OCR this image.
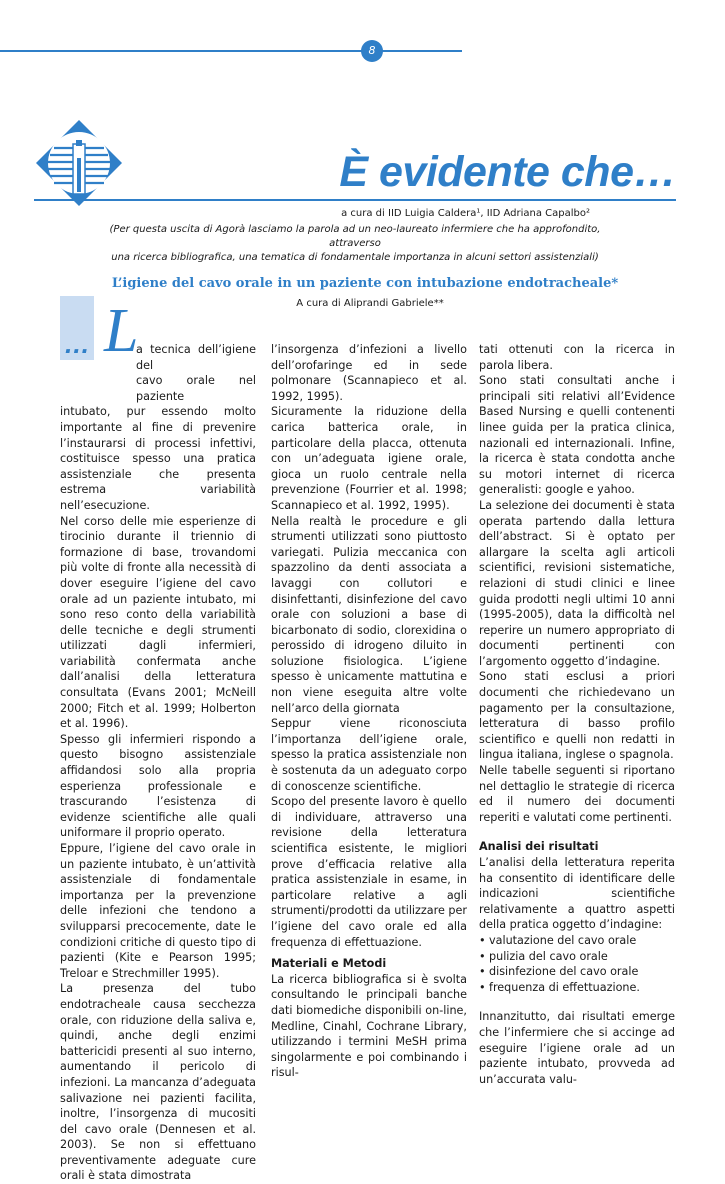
8
È evidente che…
a cura di IID Luigia Caldera¹, IID Adriana Capalbo²
(Per questa uscita di Agorà lasciamo la parola ad un neo-laureato infermiere che ha approfondito, attraverso
una ricerca bibliografica, una tematica di fondamentale importanza in alcuni settori assistenziali)
L’igiene del cavo orale in un paziente con intubazione endotracheale*
A cura di Aliprandi Gabriele**
… L

a tecnica dell’igiene del

cavo orale nel paziente

intubato, pur essendo molto importante al fine di prevenire l’instaurarsi di processi infettivi, costituisce spesso una pratica assistenziale che presenta estrema variabilità nell’esecuzione.

Nel corso delle mie esperienze di tirocinio durante il triennio di formazione di base, trovandomi più volte di fronte alla necessità di dover eseguire l’igiene del cavo orale ad un paziente intubato, mi sono reso conto della variabilità delle tecniche e degli strumenti utilizzati dagli infermieri, variabilità confermata anche dall’analisi della letteratura consultata (Evans 2001; McNeill 2000; Fitch et al. 1999; Holberton et al. 1996).

Spesso gli infermieri rispondo a questo bisogno assistenziale affidandosi solo alla propria esperienza professionale e trascurando l’esistenza di evidenze scientifiche alle quali uniformare il proprio operato.

Eppure, l’igiene del cavo orale in un paziente intubato, è un’attività assistenziale di fondamentale importanza per la prevenzione delle infezioni che tendono a svilupparsi precocemente, date le condizioni critiche di questo tipo di pazienti (Kite e Pearson 1995; Treloar e Strechmiller 1995).

La presenza del tubo endotracheale causa secchezza orale, con riduzione della saliva e, quindi, anche degli enzimi battericidi presenti al suo interno, aumentando il pericolo di infezioni. La mancanza d’adeguata salivazione nei pazienti facilita, inoltre, l’insorgenza di mucositi del cavo orale (Dennesen et al. 2003). Se non si effettuano preventivamente adeguate cure orali è stata dimostrata

l’insorgenza d’infezioni a livello dell’orofaringe ed in sede polmonare (Scannapieco et al. 1992, 1995).

Sicuramente la riduzione della carica batterica orale, in particolare della placca, ottenuta con un’adeguata igiene orale, gioca un ruolo centrale nella prevenzione (Fourrier et al. 1998; Scannapieco et al. 1992, 1995).

Nella realtà le procedure e gli strumenti utilizzati sono piuttosto variegati. Pulizia meccanica con spazzolino da denti associata a lavaggi con collutori e disinfettanti, disinfezione del cavo orale con soluzioni a base di bicarbonato di sodio, clorexidina o perossido di idrogeno diluito in soluzione fisiologica. L’igiene spesso è unicamente mattutina e non viene eseguita altre volte nell’arco della giornata

Seppur viene riconosciuta l’importanza dell’igiene orale, spesso la pratica assistenziale non è sostenuta da un adeguato corpo di conoscenze scientifiche.

Scopo del presente lavoro è quello di individuare, attraverso una revisione della letteratura scientifica esistente, le migliori prove d’efficacia relative alla pratica assistenziale in esame, in particolare relative a agli strumenti/prodotti da utilizzare per l’igiene del cavo orale ed alla frequenza di effettuazione.

Materiali e Metodi

La ricerca bibliografica si è svolta consultando le principali banche dati biomediche disponibili on-line, Medline, Cinahl, Cochrane Library, utilizzando i termini MeSH prima singolarmente e poi combinando i risul-

tati ottenuti con la ricerca in parola libera.

Sono stati consultati anche i principali siti relativi all’Evidence Based Nursing e quelli contenenti linee guida per la pratica clinica, nazionali ed internazionali. Infine, la ricerca è stata condotta anche su motori internet di ricerca generalisti: google e yahoo.

La selezione dei documenti è stata operata partendo dalla lettura dell’abstract. Si è optato per allargare la scelta agli articoli scientifici, revisioni sistematiche, relazioni di studi clinici e linee guida prodotti negli ultimi 10 anni (1995-2005), data la difficoltà nel reperire un numero appropriato di documenti pertinenti con l’argomento oggetto d’indagine.

Sono stati esclusi a priori documenti che richiedevano un pagamento per la consultazione, letteratura di basso profilo scientifico e quelli non redatti in lingua italiana, inglese o spagnola.

Nelle tabelle seguenti si riportano nel dettaglio le strategie di ricerca ed il numero dei documenti reperiti e valutati come pertinenti.

Analisi dei risultati

L’analisi della letteratura reperita ha consentito di identificare delle indicazioni scientifiche relativamente a quattro aspetti della pratica oggetto d’indagine:

• valutazione del cavo orale
• pulizia del cavo orale
• disinfezione del cavo orale
• frequenza di effettuazione.

Innanzitutto, dai risultati emerge che l’infermiere che si accinge ad eseguire l’igiene orale ad un paziente intubato, provveda ad un’accurata valu-
